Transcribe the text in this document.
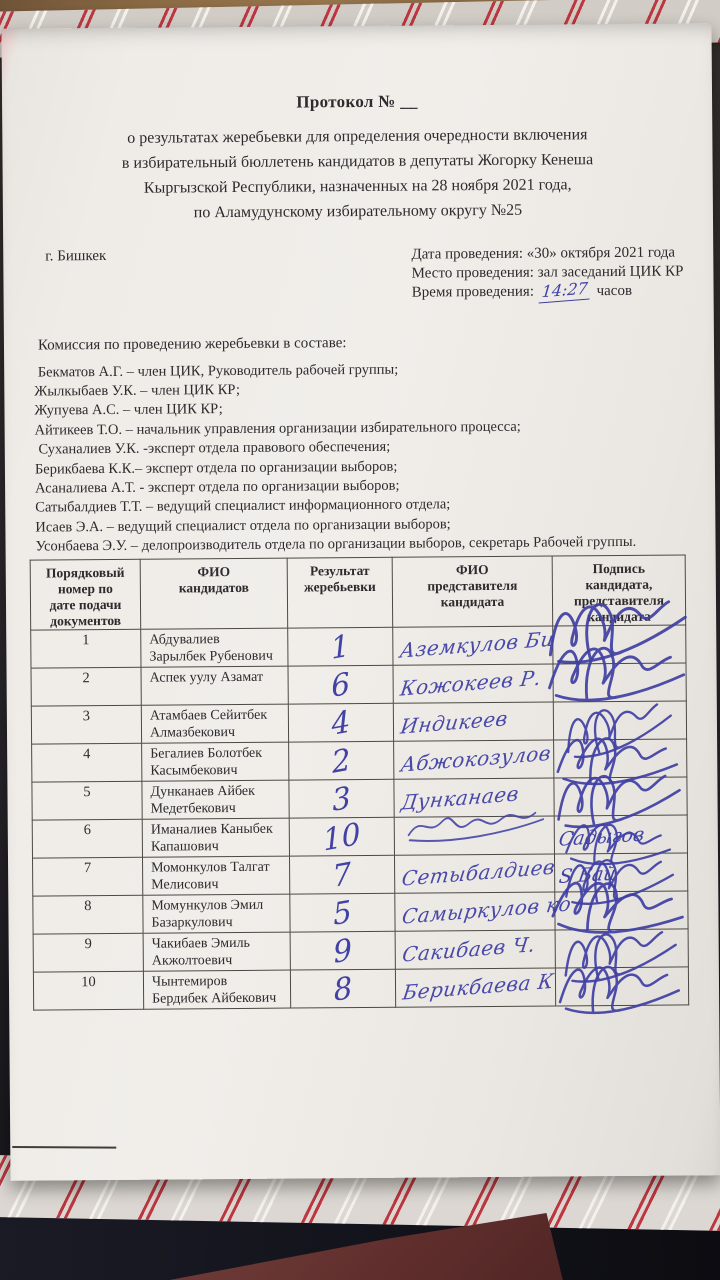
Протокол № __
о результатах жеребьевки для определения очередности включения
в избирательный бюллетень кандидатов в депутаты Жогорку Кенеша
Кыргызской Республики, назначенных на 28 ноября 2021 года,
по Аламудунскому избирательному округу №25
г. Бишкек	Дата проведения: «30» октября 2021 года
Место проведения: зал заседаний ЦИК КР
Время проведения: 14:27 часов
Комиссия по проведению жеребьевки в составе:
Бекматов А.Г. – член ЦИК, Руководитель рабочей группы;
Жылкыбаев У.К. – член ЦИК КР;
Жупуева А.С. – член ЦИК КР;
Айтикеев Т.О. – начальник управления организации избирательного процесса;
Суханалиев У.К. -эксперт отдела правового обеспечения;
Берикбаева К.К.– эксперт отдела по организации выборов;
Асаналиева А.Т. - эксперт отдела по организации выборов;
Сатыбалдиев Т.Т. – ведущий специалист информационного отдела;
Исаев Э.А. – ведущий специалист отдела по организации выборов;
Усонбаева Э.У. – делопроизводитель отдела по организации выборов, секретарь Рабочей группы.
Порядковый
номер по
дате подачи
документов	ФИО
кандидатов	Результат
жеребьевки	ФИО
представителя
кандидата	Подпись
кандидата,
представителя
кандидата

1	Абдувалиев
Зарылбек Рубенович	1	Аземкулов Би

2	Аспек уулу Азамат	6	Кожокеев Р.

3	Атамбаев Сейитбек
Алмазбекович	4	Индикеев

4	Бегалиев Болотбек
Касымбекович	2	Абжокозулов

5	Дунканаев Айбек
Медетбекович	3	Дунканаев

6	Иманалиев Каныбек
Капашович	10		Садыгов

7	Момонкулов Талгат
Мелисович	7	Сетыбалдиев	S Бай

8	Момункулов Эмил
Базаркулович	5	Самыркулов ко

9	Чакибаев Эмиль
Акжолтоевич	9	Сакибаев Ч.

10	Чынтемиров
Бердибек Айбекович	8	Берикбаева К
